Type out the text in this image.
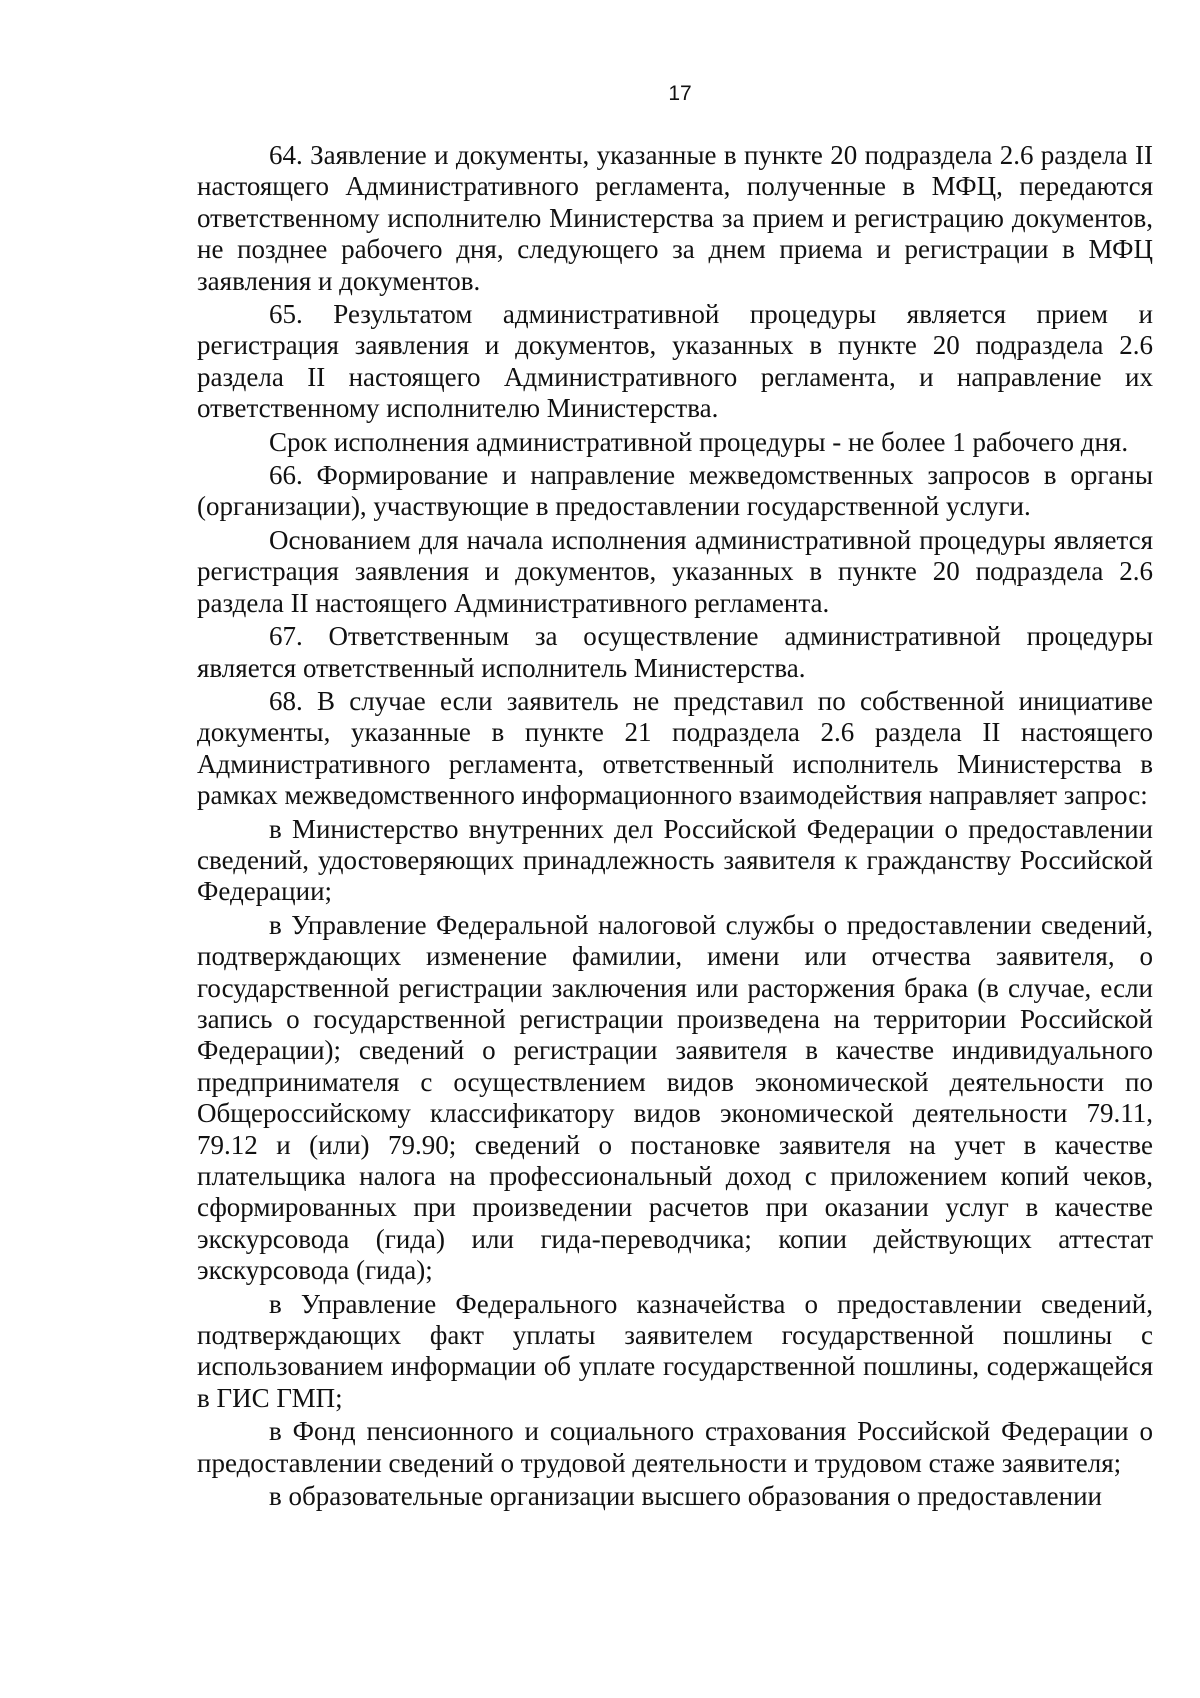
17

64. Заявление и документы, указанные в пункте 20 подраздела 2.6 раздела II настоящего Административного регламента, полученные в МФЦ, передаются ответственному исполнителю Министерства за прием и регистрацию документов, не позднее рабочего дня, следующего за днем приема и регистрации в МФЦ заявления и документов.

65. Результатом административной процедуры является прием и регистрация заявления и документов, указанных в пункте 20 подраздела 2.6 раздела II настоящего Административного регламента, и направление их ответственному исполнителю Министерства.

Срок исполнения административной процедуры - не более 1 рабочего дня.

66. Формирование и направление межведомственных запросов в органы (организации), участвующие в предоставлении государственной услуги.

Основанием для начала исполнения административной процедуры является регистрация заявления и документов, указанных в пункте 20 подраздела 2.6 раздела II настоящего Административного регламента.

67. Ответственным за осуществление административной процедуры является ответственный исполнитель Министерства.

68. В случае если заявитель не представил по собственной инициативе документы, указанные в пункте 21 подраздела 2.6 раздела II настоящего Административного регламента, ответственный исполнитель Министерства в рамках межведомственного информационного взаимодействия направляет запрос:

в Министерство внутренних дел Российской Федерации о предоставлении сведений, удостоверяющих принадлежность заявителя к гражданству Российской Федерации;

в Управление Федеральной налоговой службы о предоставлении сведений, подтверждающих изменение фамилии, имени или отчества заявителя, о государственной регистрации заключения или расторжения брака (в случае, если запись о государственной регистрации произведена на территории Российской Федерации); сведений о регистрации заявителя в качестве индивидуального предпринимателя с осуществлением видов экономической деятельности по Общероссийскому классификатору видов экономической деятельности 79.11, 79.12 и (или) 79.90; сведений о постановке заявителя на учет в качестве плательщика налога на профессиональный доход с приложением копий чеков, сформированных при произведении расчетов при оказании услуг в качестве экскурсовода (гида) или гида-переводчика; копии действующих аттестат экскурсовода (гида);

в Управление Федерального казначейства о предоставлении сведений, подтверждающих факт уплаты заявителем государственной пошлины с использованием информации об уплате государственной пошлины, содержащейся в ГИС ГМП;

в Фонд пенсионного и социального страхования Российской Федерации о предоставлении сведений о трудовой деятельности и трудовом стаже заявителя;

в образовательные организации высшего образования о предоставлении
